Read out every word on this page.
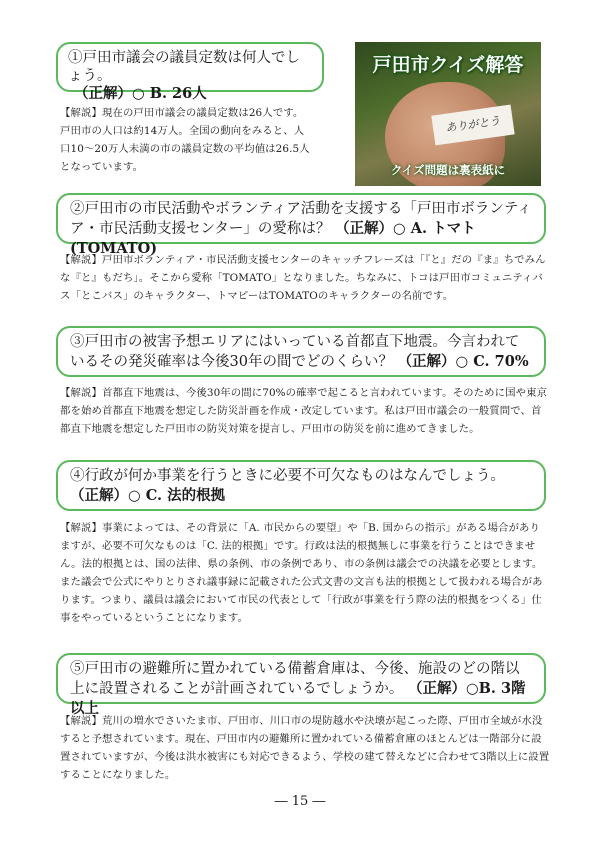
①戸田市議会の議員定数は何人でしょう。
（正解）○ B. 26人
【解説】現在の戸田市議会の議員定数は26人です。戸田市の人口は約14万人。全国の動向をみると、人口10～20万人未満の市の議員定数の平均値は26.5人となっています。
ありがとう
戸田市クイズ解答
クイズ問題は裏表紙に
②戸田市の市民活動やボランティア活動を支援する「戸田市ボランティア・市民活動支援センター」の愛称は？ （正解）○ A. トマト(TOMATO)
【解説】戸田市ボランティア・市民活動支援センターのキャッチフレーズは「『と』だの『ま』ちでみんな『と』もだち」。そこから愛称「TOMATO」となりました。ちなみに、トコは戸田市コミュニティバス「とこバス」のキャラクター、トマピーはTOMATOのキャラクターの名前です。
③戸田市の被害予想エリアにはいっている首都直下地震。今言われているその発災確率は今後30年の間でどのくらい？ （正解）○ C. 70%
【解説】首都直下地震は、今後30年の間に70%の確率で起こると言われています。そのために国や東京都を始め首都直下地震を想定した防災計画を作成・改定しています。私は戸田市議会の一般質問で、首都直下地震を想定した戸田市の防災対策を提言し、戸田市の防災を前に進めてきました。
④行政が何か事業を行うときに必要不可欠なものはなんでしょう。
（正解）○ C. 法的根拠
【解説】事業によっては、その背景に「A. 市民からの要望」や「B. 国からの指示」がある場合がありますが、必要不可欠なものは「C. 法的根拠」です。行政は法的根拠無しに事業を行うことはできません。法的根拠とは、国の法律、県の条例、市の条例であり、市の条例は議会での決議を必要とします。また議会で公式にやりとりされ議事録に記載された公式文書の文言も法的根拠として扱われる場合があります。つまり、議員は議会において市民の代表として「行政が事業を行う際の法的根拠をつくる」仕事をやっているということになります。
⑤戸田市の避難所に置かれている備蓄倉庫は、今後、施設のどの階以上に設置されることが計画されているでしょうか。 （正解）○B. 3階以上
【解説】荒川の増水でさいたま市、戸田市、川口市の堤防越水や決壊が起こった際、戸田市全域が水没すると予想されています。現在、戸田市内の避難所に置かれている備蓄倉庫のほとんどは一階部分に設置されていますが、今後は洪水被害にも対応できるよう、学校の建て替えなどに合わせて3階以上に設置することになりました。
― 15 ―
